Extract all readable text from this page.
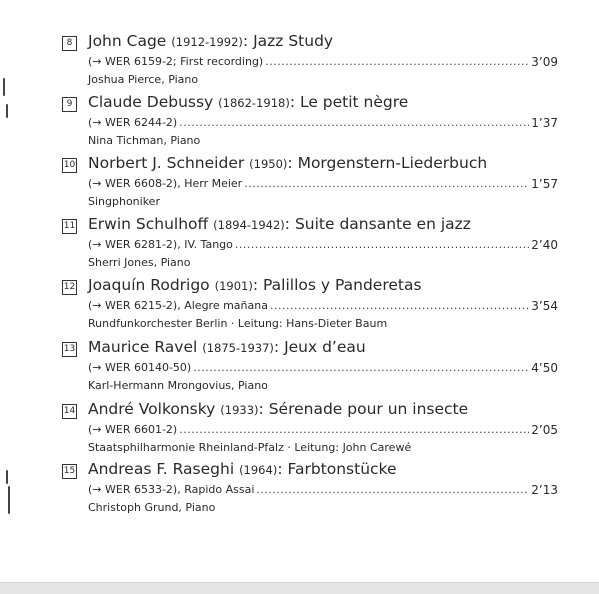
8 John Cage (1912-1992): Jazz Study
(→ WER 6159-2; First recording) .....	3’09
Joshua Pierce, Piano
9 Claude Debussy (1862-1918): Le petit nègre
(→ WER 6244-2) .....	1’37
Nina Tichman, Piano
10 Norbert J. Schneider (1950): Morgenstern-Liederbuch
(→ WER 6608-2), Herr Meier .....	1’57
Singphoniker
11 Erwin Schulhoff (1894-1942): Suite dansante en jazz
(→ WER 6281-2), IV. Tango .....	2’40
Sherri Jones, Piano
12 Joaquín Rodrigo (1901): Palillos y Panderetas
(→ WER 6215-2), Alegre mañana .....	3’54
Rundfunkorchester Berlin · Leitung: Hans-Dieter Baum
13 Maurice Ravel (1875-1937): Jeux d’eau
(→ WER 60140-50) .....	4’50
Karl-Hermann Mrongovius, Piano
14 André Volkonsky (1933): Sérenade pour un insecte
(→ WER 6601-2) .....	2’05
Staatsphilharmonie Rheinland-Pfalz · Leitung: John Carewé
15 Andreas F. Raseghi (1964): Farbtonstücke
(→ WER 6533-2), Rapido Assai .....	2’13
Christoph Grund, Piano
